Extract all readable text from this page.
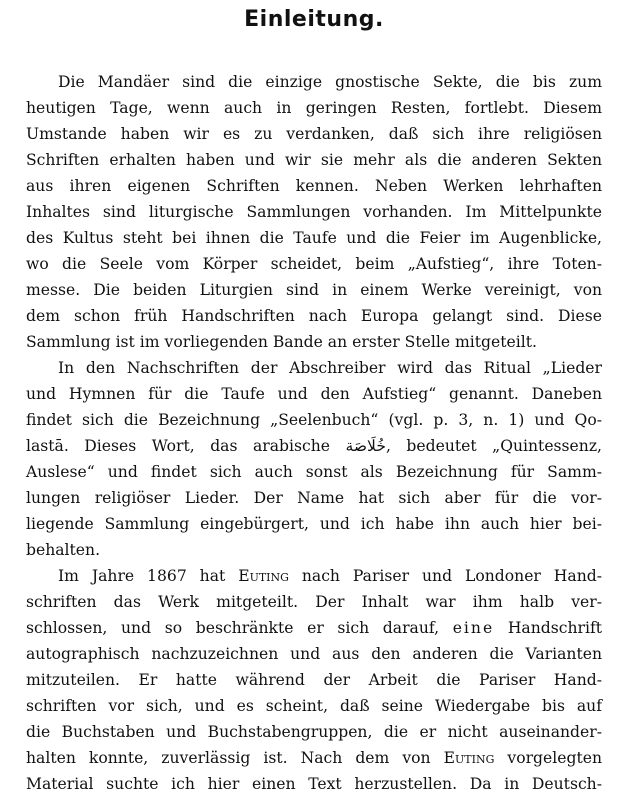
Einleitung.
Die Mandäer sind die einzige gnostische Sekte, die bis zum
heutigen Tage, wenn auch in geringen Resten, fortlebt. Diesem
Umstande haben wir es zu verdanken, daß sich ihre religiösen
Schriften erhalten haben und wir sie mehr als die anderen Sekten
aus ihren eigenen Schriften kennen. Neben Werken lehrhaften
Inhaltes sind liturgische Sammlungen vorhanden. Im Mittelpunkte
des Kultus steht bei ihnen die Taufe und die Feier im Augenblicke,
wo die Seele vom Körper scheidet, beim „Aufstieg“, ihre Toten-
messe. Die beiden Liturgien sind in einem Werke vereinigt, von
dem schon früh Handschriften nach Europa gelangt sind. Diese
Sammlung ist im vorliegenden Bande an erster Stelle mitgeteilt.
In den Nachschriften der Abschreiber wird das Ritual „Lieder
und Hymnen für die Taufe und den Aufstieg“ genannt. Daneben
findet sich die Bezeichnung „Seelenbuch“ (vgl. p. 3, n. 1) und Qo-
lastā. Dieses Wort, das arabische خُلَاصَة, bedeutet „Quintessenz,
Auslese“ und findet sich auch sonst als Bezeichnung für Samm-
lungen religiöser Lieder. Der Name hat sich aber für die vor-
liegende Sammlung eingebürgert, und ich habe ihn auch hier bei-
behalten.
Im Jahre 1867 hat Euting nach Pariser und Londoner Hand-
schriften das Werk mitgeteilt. Der Inhalt war ihm halb ver-
schlossen, und so beschränkte er sich darauf, eine Handschrift
autographisch nachzuzeichnen und aus den anderen die Varianten
mitzuteilen. Er hatte während der Arbeit die Pariser Hand-
schriften vor sich, und es scheint, daß seine Wiedergabe bis auf
die Buchstaben und Buchstabengruppen, die er nicht auseinander-
halten konnte, zuverlässig ist. Nach dem von Euting vorgelegten
Material suchte ich hier einen Text herzustellen. Da in Deutsch-
